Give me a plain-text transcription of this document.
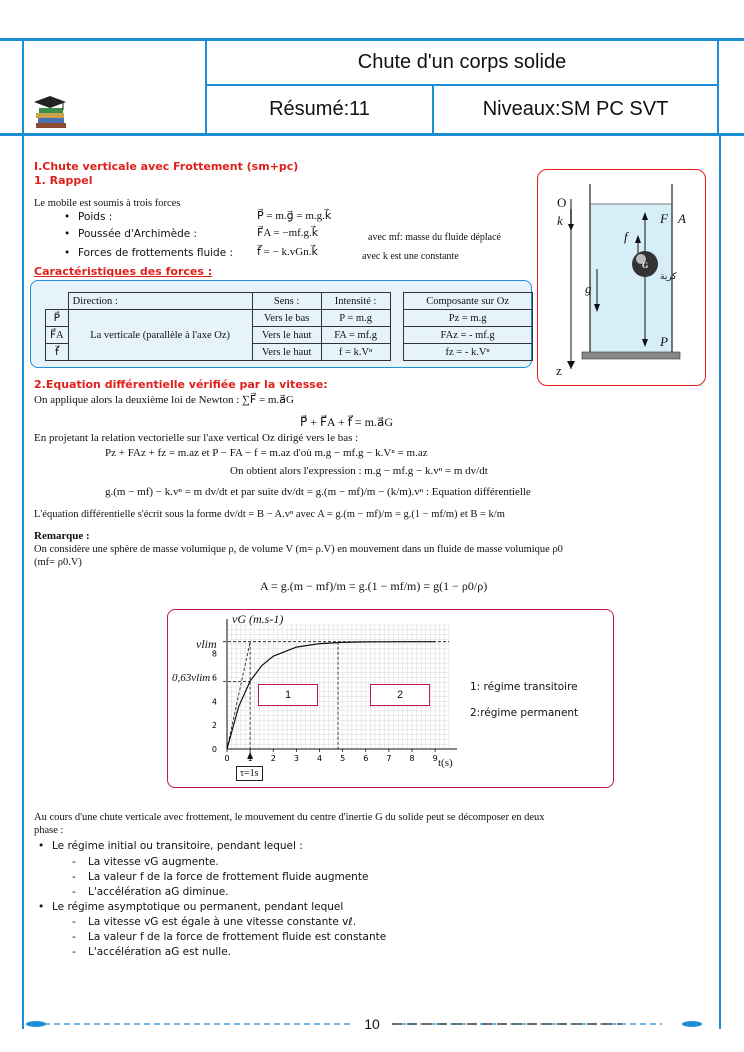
Chute d'un corps solide
Résumé:11	Niveaux:SM PC SVT
I.Chute verticale avec Frottement (sm+pc)
1. Rappel
Le mobile est soumis à trois forces
• Poids :	P⃗ = m.g⃗ = m.g.k⃗
• Poussée d'Archimède :	F⃗A = −mf.g.k⃗	avec mf: masse du fluide déplacé
• Forces de frottements fluide : f⃗ = − k.vGn.k⃗	avec k est une constante
Caractéristiques des forces :
	Direction :	Sens :	Intensité :		Composante sur Oz
P⃗	La verticale (parallèle à l'axe Oz)	Vers le bas	P = m.g		Pz = m.g
F⃗A		Vers le haut	FA = mf.g		FAz = - mf.g
f⃗		Vers le haut	f = k.Vⁿ		fz = - k.Vⁿ
O
k⃗	F⃗A
f⃗
g⃗
G
كرية
P⃗
z
2.Equation différentielle vérifiée par la vitesse:
On applique alors la deuxième loi de Newton : ∑F⃗ = m.a⃗G
P⃗ + F⃗A + f⃗ = m.a⃗G
En projetant la relation vectorielle sur l'axe vertical Oz dirigé vers le bas :
Pz + FAz + fz = m.az et P − FA − f = m.az d'où m.g − mf.g − k.Vⁿ = m.az
On obtient alors l'expression : m.g − mf.g − k.vⁿ = m dv/dt
g.(m − mf) − k.vⁿ = m dv/dt et par suite dv/dt = g.(m − mf)/m − (k/m).vⁿ : Equation différentielle
L'équation différentielle s'écrit sous la forme dv/dt = B − A.vⁿ avec A = g.(m − mf)/m = g.(1 − mf/m) et B = k/m
Remarque :
On considère une sphère de masse volumique ρ, de volume V (m= ρ.V) en mouvement dans un fluide de masse volumique ρ0
(mf= ρ0.V)
A = g.(m − mf)/m = g.(1 − mf/m) = g(1 − ρ0/ρ)
0	2 3 4 5 6 7 8 9
0
2
4
6
8
vG (m.s-1)
vlim
0,63vlim
τ=1s
1	2
1: régime transitoire
2:régime permanent
t(s)
Au cours d'une chute verticale avec frottement, le mouvement du centre d'inertie G du solide peut se décomposer en deux
phase :
• Le régime initial ou transitoire, pendant lequel :
- La vitesse vG augmente.
- La valeur f de la force de frottement fluide augmente
- L'accélération aG diminue.
• Le régime asymptotique ou permanent, pendant lequel
- La vitesse vG est égale à une vitesse constante vℓ.
- La valeur f de la force de frottement fluide est constante
- L'accélération aG est nulle.
10
